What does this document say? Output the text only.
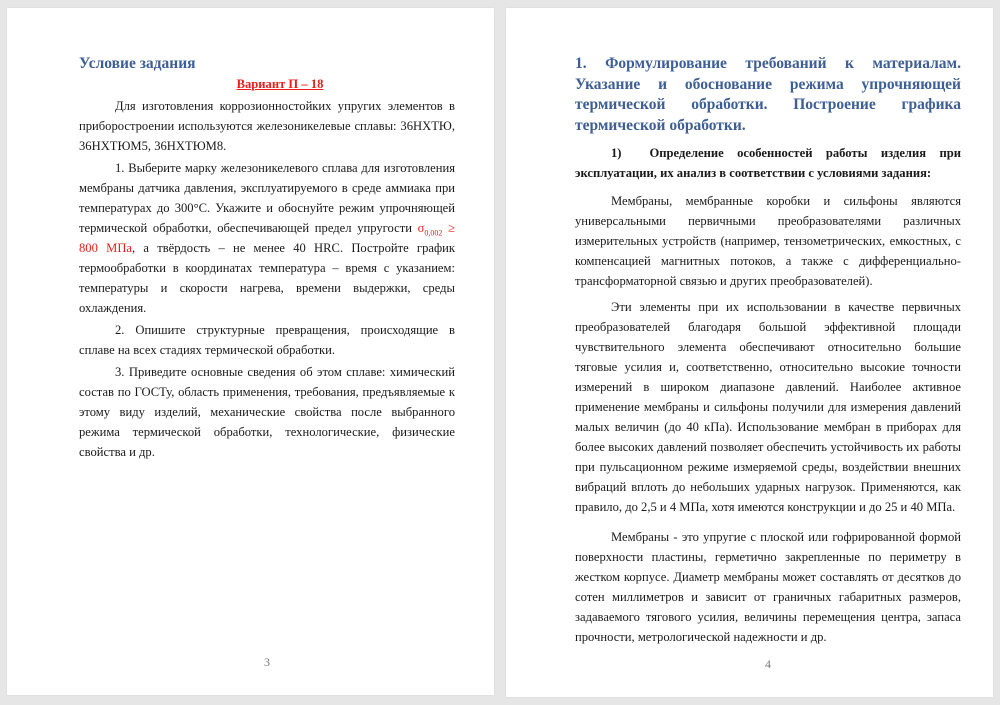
Условие задания
Вариант П – 18
Для изготовления коррозионностойких упругих элементов в приборостроении используются железоникелевые сплавы: 36НХТЮ, 36НХТЮМ5, 36НХТЮМ8.
1. Выберите марку железоникелевого сплава для изготовления мембраны датчика давления, эксплуатируемого в среде аммиака при температурах до 300°С. Укажите и обоснуйте режим упрочняющей термической обработки, обеспечивающей предел упругости $\sigma_{0,002} \ge 800$ МПа, а твёрдость – не менее 40 HRC. Постройте график термообработки в координатах температура – время с указанием: температуры и скорости нагрева, времени выдержки, среды охлаждения.
2. Опишите структурные превращения, происходящие в сплаве на всех стадиях термической обработки.
3. Приведите основные сведения об этом сплаве: химический состав по ГОСТу, область применения, требования, предъявляемые к этому виду изделий, механические свойства после выбранного режима термической обработки, технологические, физические свойства и др.
3
1. Формулирование требований к материалам. Указание и обоснование режима упрочняющей термической обработки. Построение графика термической обработки.
1) Определение особенностей работы изделия при эксплуатации, их анализ в соответствии с условиями задания:
Мембраны, мембранные коробки и сильфоны являются универсальными первичными преобразователями различных измерительных устройств (например, тензометрических, емкостных, с компенсацией магнитных потоков, а также с дифференциально-трансформаторной связью и других преобразователей).
Эти элементы при их использовании в качестве первичных преобразователей благодаря большой эффективной площади чувствительного элемента обеспечивают относительно большие тяговые усилия и, соответственно, относительно высокие точности измерений в широком диапазоне давлений. Наиболее активное применение мембраны и сильфоны получили для измерения давлений малых величин (до 40 кПа). Использование мембран в приборах для более высоких давлений позволяет обеспечить устойчивость их работы при пульсационном режиме измеряемой среды, воздействии внешних вибраций вплоть до небольших ударных нагрузок. Применяются, как правило, до 2,5 и 4 МПа, хотя имеются конструкции и до 25 и 40 МПа.
Мембраны - это упругие с плоской или гофрированной формой поверхности пластины, герметично закрепленные по периметру в жестком корпусе. Диаметр мембраны может составлять от десятков до сотен миллиметров и зависит от граничных габаритных размеров, задаваемого тягового усилия, величины перемещения центра, запаса прочности, метрологической надежности и др.
4
